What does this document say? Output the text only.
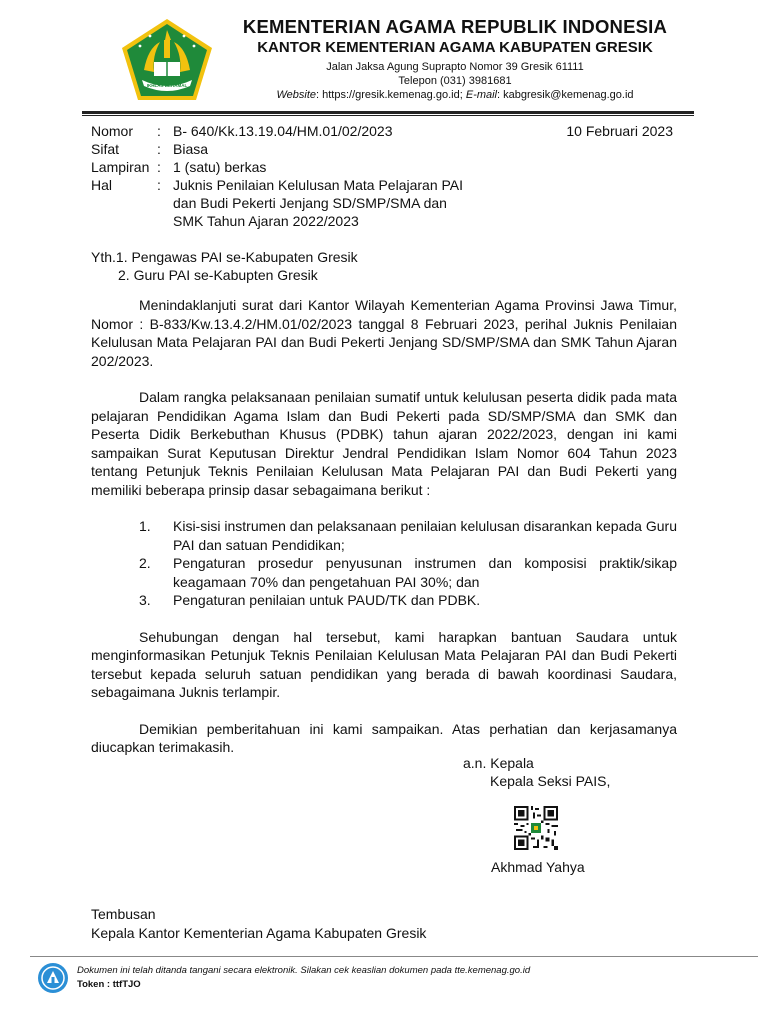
IKHLAS BERAMAL
KEMENTERIAN AGAMA REPUBLIK INDONESIA
KANTOR KEMENTERIAN AGAMA KABUPATEN GRESIK
Jalan Jaksa Agung Suprapto Nomor 39 Gresik 61111
Telepon (031) 3981681
Website: https://gresik.kemenag.go.id; E-mail: kabgresik@kemenag.go.id
Nomor	: B- 640/Kk.13.19.04/HM.01/02/2023
Sifat	: Biasa
Lampiran : 1 (satu) berkas
Hal	: Juknis Penilaian Kelulusan Mata Pelajaran PAI
dan Budi Pekerti Jenjang SD/SMP/SMA dan
SMK Tahun Ajaran 2022/2023
10 Februari 2023
Yth.1. Pengawas PAI se-Kabupaten Gresik
2. Guru PAI se-Kabupten Gresik

Menindaklanjuti surat dari Kantor Wilayah Kementerian Agama Provinsi Jawa Timur, Nomor : B-833/Kw.13.4.2/HM.01/02/2023 tanggal 8 Februari 2023, perihal Juknis Penilaian Kelulusan Mata Pelajaran PAI dan Budi Pekerti Jenjang SD/SMP/SMA dan SMK Tahun Ajaran 202/2023.

Dalam rangka pelaksanaan penilaian sumatif untuk kelulusan peserta didik pada mata pelajaran Pendidikan Agama Islam dan Budi Pekerti pada SD/SMP/SMA dan SMK dan Peserta Didik Berkebuthan Khusus (PDBK) tahun ajaran 2022/2023, dengan ini kami sampaikan Surat Keputusan Direktur Jendral Pendidikan Islam Nomor 604 Tahun 2023 tentang Petunjuk Teknis Penilaian Kelulusan Mata Pelajaran PAI dan Budi Pekerti yang memiliki beberapa prinsip dasar sebagaimana berikut :

1.	Kisi-sisi instrumen dan pelaksanaan penilaian kelulusan disarankan kepada Guru PAI dan satuan Pendidikan;
2.	Pengaturan prosedur penyusunan instrumen dan komposisi praktik/sikap keagamaan 70% dan pengetahuan PAI 30%; dan
3.	Pengaturan penilaian untuk PAUD/TK dan PDBK.

Sehubungan dengan hal tersebut, kami harapkan bantuan Saudara untuk menginformasikan Petunjuk Teknis Penilaian Kelulusan Mata Pelajaran PAI dan Budi Pekerti tersebut kepada seluruh satuan pendidikan yang berada di bawah koordinasi Saudara, sebagaimana Juknis terlampir.

Demikian pemberitahuan ini kami sampaikan. Atas perhatian dan kerjasamanya diucapkan terimakasih.

a.n. Kepala
Kepala Seksi PAIS,
Akhmad Yahya
Tembusan
Kepala Kantor Kementerian Agama Kabupaten Gresik
Dokumen ini telah ditanda tangani secara elektronik. Silakan cek keaslian dokumen pada tte.kemenag.go.id
Token : ttfTJO
